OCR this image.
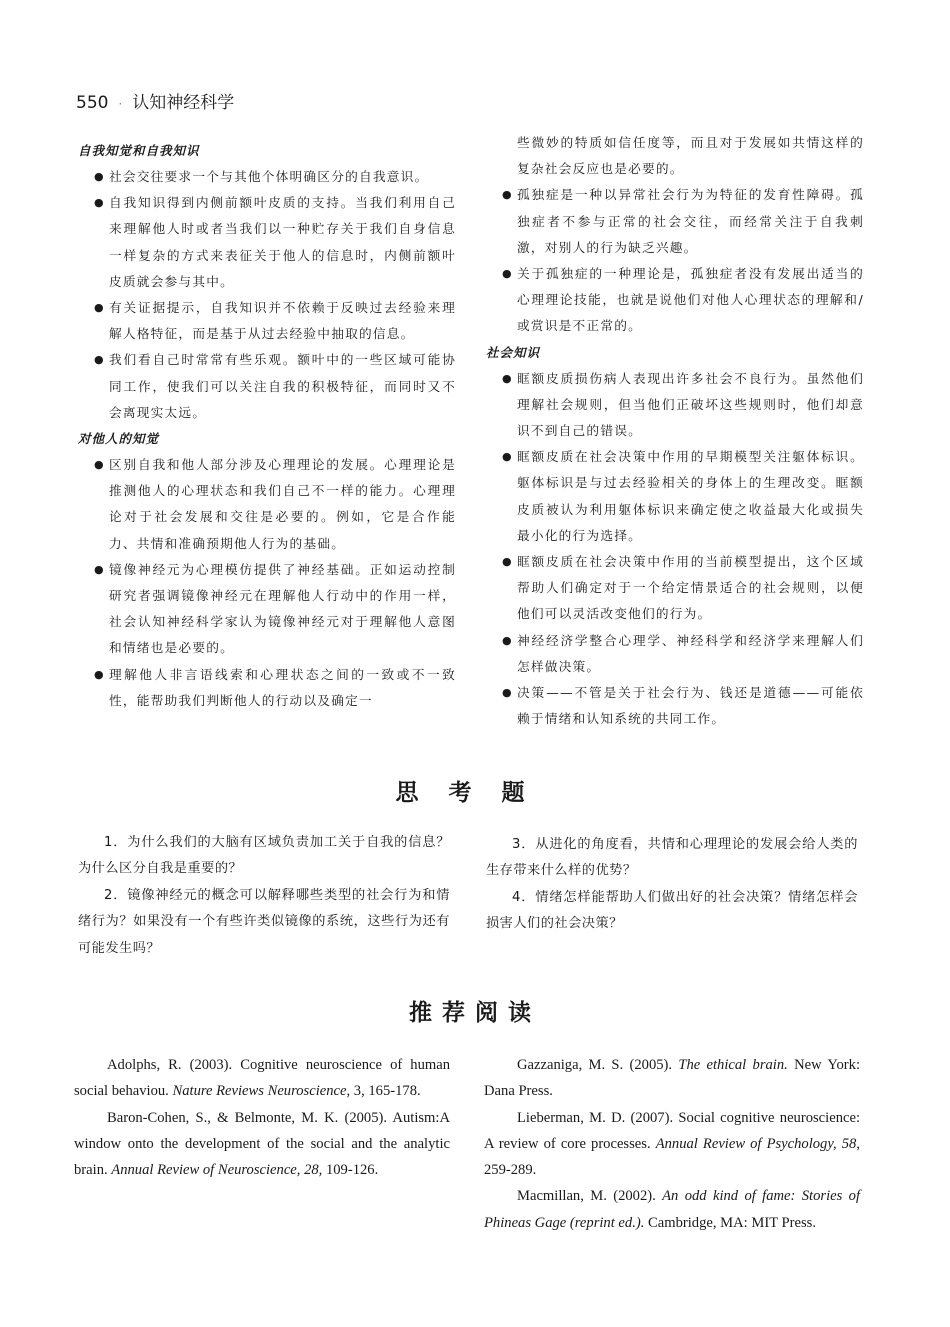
550 · 认知神经科学
自我知觉和自我知识
● 社会交往要求一个与其他个体明确区分的自我意识。
● 自我知识得到内侧前额叶皮质的支持。当我们利用自己来理解他人时或者当我们以一种贮存关于我们自身信息一样复杂的方式来表征关于他人的信息时，内侧前额叶皮质就会参与其中。
● 有关证据提示，自我知识并不依赖于反映过去经验来理解人格特征，而是基于从过去经验中抽取的信息。
● 我们看自己时常常有些乐观。额叶中的一些区域可能协同工作，使我们可以关注自我的积极特征，而同时又不会离现实太远。
对他人的知觉
● 区别自我和他人部分涉及心理理论的发展。心理理论是推测他人的心理状态和我们自己不一样的能力。心理理论对于社会发展和交往是必要的。例如，它是合作能力、共情和准确预期他人行为的基础。
● 镜像神经元为心理模仿提供了神经基础。正如运动控制研究者强调镜像神经元在理解他人行动中的作用一样，社会认知神经科学家认为镜像神经元对于理解他人意图和情绪也是必要的。
● 理解他人非言语线索和心理状态之间的一致或不一致性，能帮助我们判断他人的行动以及确定一
些微妙的特质如信任度等，而且对于发展如共情这样的复杂社会反应也是必要的。
● 孤独症是一种以异常社会行为为特征的发育性障碍。孤独症者不参与正常的社会交往，而经常关注于自我刺激，对别人的行为缺乏兴趣。
● 关于孤独症的一种理论是，孤独症者没有发展出适当的心理理论技能，也就是说他们对他人心理状态的理解和/或赏识是不正常的。
社会知识
● 眶额皮质损伤病人表现出许多社会不良行为。虽然他们理解社会规则，但当他们正破坏这些规则时，他们却意识不到自己的错误。
● 眶额皮质在社会决策中作用的早期模型关注躯体标识。躯体标识是与过去经验相关的身体上的生理改变。眶额皮质被认为利用躯体标识来确定使之收益最大化或损失最小化的行为选择。
● 眶额皮质在社会决策中作用的当前模型提出，这个区域帮助人们确定对于一个给定情景适合的社会规则，以便他们可以灵活改变他们的行为。
● 神经经济学整合心理学、神经科学和经济学来理解人们怎样做决策。
● 决策——不管是关于社会行为、钱还是道德——可能依赖于情绪和认知系统的共同工作。
思考题

1．为什么我们的大脑有区域负责加工关于自我的信息？为什么区分自我是重要的？

2．镜像神经元的概念可以解释哪些类型的社会行为和情绪行为？如果没有一个有些许类似镜像的系统，这些行为还有可能发生吗？

3．从进化的角度看，共情和心理理论的发展会给人类的生存带来什么样的优势？

4．情绪怎样能帮助人们做出好的社会决策？情绪怎样会损害人们的社会决策？

推荐阅读

Adolphs, R. (2003). Cognitive neuroscience of human social behaviou. Nature Reviews Neuroscience, 3, 165-178.

Baron-Cohen, S., & Belmonte, M. K. (2005). Autism:A window onto the development of the social and the analytic brain. Annual Review of Neuroscience, 28, 109-126.

Gazzaniga, M. S. (2005). The ethical brain. New York: Dana Press.

Lieberman, M. D. (2007). Social cognitive neuroscience: A review of core processes. Annual Review of Psychology, 58, 259-289.

Macmillan, M. (2002). An odd kind of fame: Stories of Phineas Gage (reprint ed.). Cambridge, MA: MIT Press.
